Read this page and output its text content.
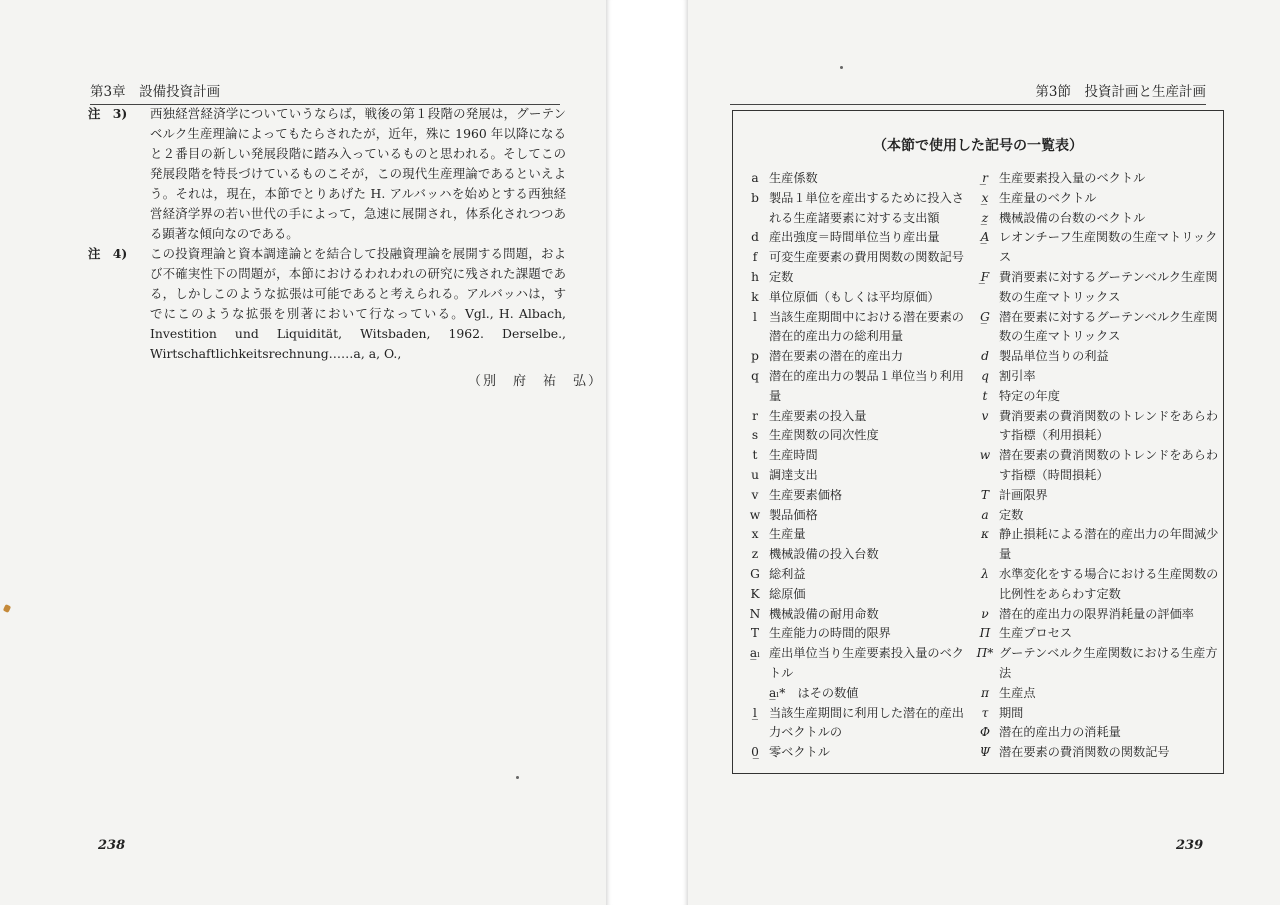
第3章　設備投資計画
注　3)	西独経営経済学についていうならば，戦後の第１段階の発展は，グーテンベルク生産理論によってもたらされたが，近年，殊に 1960 年以降になると２番目の新しい発展段階に踏み入っているものと思われる。そしてこの発展段階を特長づけているものこそが，この現代生産理論であるといえよう。それは，現在，本節でとりあげた H. アルバッハを始めとする西独経営経済学界の若い世代の手によって，急速に展開され，体系化されつつある顕著な傾向なのである。
注　4)	この投資理論と資本調達論とを結合して投融資理論を展開する問題，および不確実性下の問題が，本節におけるわれわれの研究に残された課題である，しかしこのような拡張は可能であると考えられる。アルバッハは，すでにこのような拡張を別著において行なっている。Vgl., H. Albach, Investition und Liquidität, Witsbaden, 1962. Derselbe., Wirtschaftlichkeitsrechnung……a, a, O.,
（別　府　祐　弘）
238
第3節　投資計画と生産計画
（本節で使用した記号の一覧表）
a 生産係数
b 製品１単位を産出するために投入される生産諸要素に対する支出額
d 産出強度＝時間単位当り産出量
f 可変生産要素の費用関数の関数記号
h 定数
k 単位原価（もしくは平均原価）
l 当該生産期間中における潜在要素の潜在的産出力の総利用量
p 潜在要素の潜在的産出力
q 潜在的産出力の製品１単位当り利用量
r 生産要素の投入量
s 生産関数の同次性度
t 生産時間
u 調達支出
v 生産要素価格
w 製品価格
x 生産量
z 機械設備の投入台数
G 総利益
K 総原価
N 機械設備の耐用命数
T 生産能力の時間的限界
a̲ₗ 産出単位当り生産要素投入量のベクトル
a̲ₗ*　はその数値
l̲ 当該生産期間に利用した潜在的産出力ベクトルの
0̲ 零ベクトル
r̲ 生産要素投入量のベクトル
x̲ 生産量のベクトル
z̲ 機械設備の台数のベクトル
A̲ レオンチーフ生産関数の生産マトリックス
F̲ 費消要素に対するグーテンベルク生産関数の生産マトリックス
G̲ 潜在要素に対するグーテンベルク生産関数の生産マトリックス
d 製品単位当りの利益
q 割引率
t 特定の年度
v 費消要素の費消関数のトレンドをあらわす指標（利用損耗）
w 潜在要素の費消関数のトレンドをあらわす指標（時間損耗）
T 計画限界
a 定数
κ 静止損耗による潜在的産出力の年間減少量
λ 水準変化をする場合における生産関数の比例性をあらわす定数
ν 潜在的産出力の限界消耗量の評価率
Π 生産プロセス
Π* グーテンベルク生産関数における生産方法
π 生産点
τ 期間
Φ 潜在的産出力の消耗量
Ψ 潜在要素の費消関数の関数記号
239
